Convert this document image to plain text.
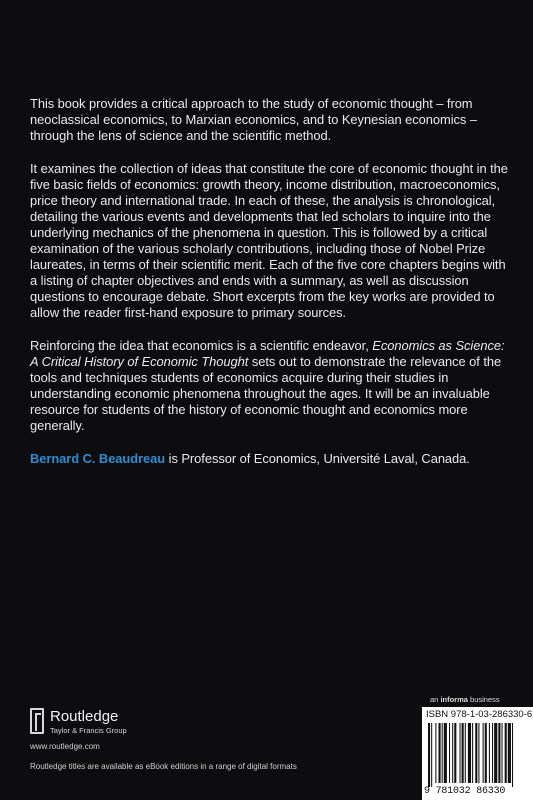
This book provides a critical approach to the study of economic thought – from neoclassical economics, to Marxian economics, and to Keynesian economics – through the lens of science and the scientific method.

It examines the collection of ideas that constitute the core of economic thought in the five basic fields of economics: growth theory, income distribution, macroeconomics, price theory and international trade. In each of these, the analysis is chronological, detailing the various events and developments that led scholars to inquire into the underlying mechanics of the phenomena in question. This is followed by a critical examination of the various scholarly contributions, including those of Nobel Prize laureates, in terms of their scientific merit. Each of the five core chapters begins with a listing of chapter objectives and ends with a summary, as well as discussion questions to encourage debate. Short excerpts from the key works are provided to allow the reader first-hand exposure to primary sources.

Reinforcing the idea that economics is a scientific endeavor, Economics as Science: A Critical History of Economic Thought sets out to demonstrate the relevance of the tools and techniques students of economics acquire during their studies in understanding economic phenomena throughout the ages. It will be an invaluable resource for students of the history of economic thought and economics more generally.

Bernard C. Beaudreau is Professor of Economics, Université Laval, Canada.

Routledge
Taylor & Francis Group
www.routledge.com
Routledge titles are available as eBook editions in a range of digital formats
an informa business
ISBN 978-1-03-286330-6
9 781032 86330
